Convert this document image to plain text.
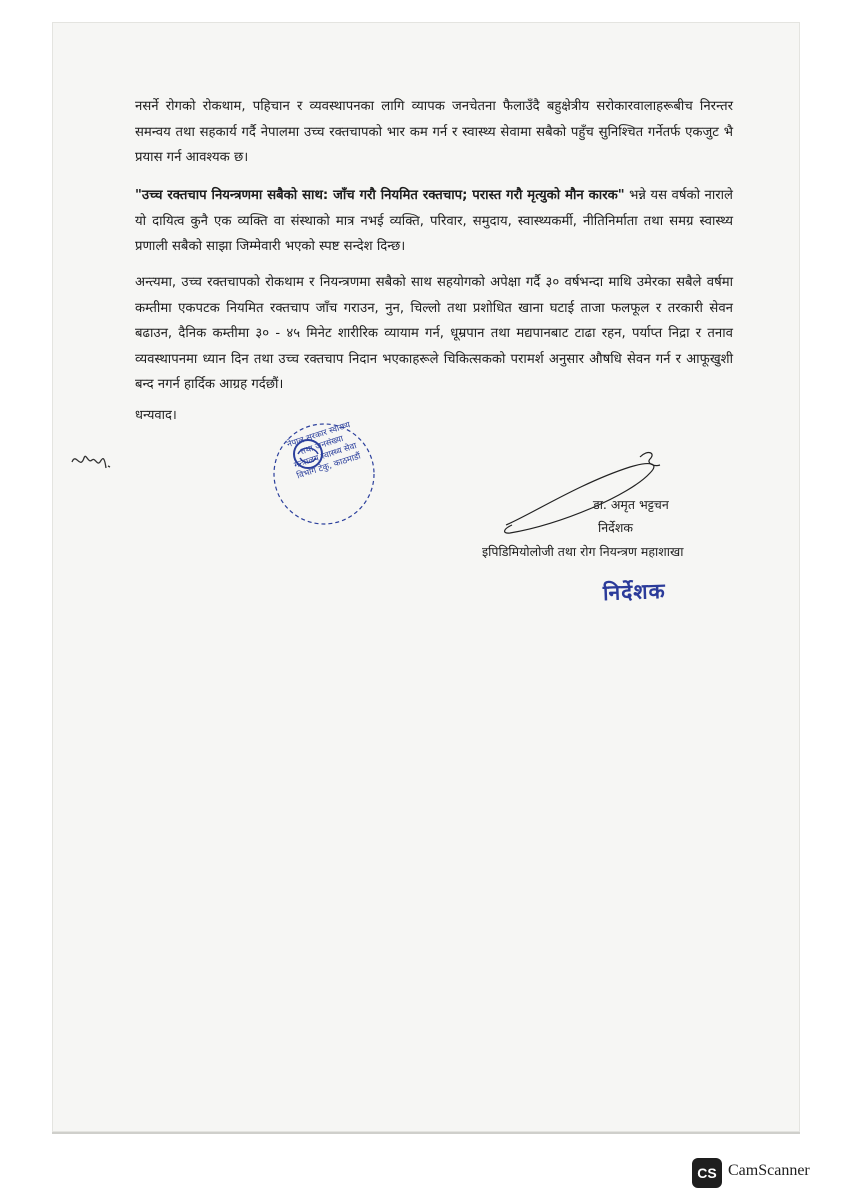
नसर्ने रोगको रोकथाम, पहिचान र व्यवस्थापनका लागि व्यापक जनचेतना फैलाउँदै बहुक्षेत्रीय सरोकारवालाहरूबीच निरन्तर समन्वय तथा सहकार्य गर्दै नेपालमा उच्च रक्तचापको भार कम गर्न र स्वास्थ्य सेवामा सबैको पहुँच सुनिश्चित गर्नेतर्फ एकजुट भै प्रयास गर्न आवश्यक छ।

"उच्च रक्तचाप नियन्त्रणमा सबैको साथ: जाँच गरौ नियमित रक्तचाप; परास्त गरौ मृत्युको मौन कारक" भन्ने यस वर्षको नाराले यो दायित्व कुनै एक व्यक्ति वा संस्थाको मात्र नभई व्यक्ति, परिवार, समुदाय, स्वास्थ्यकर्मी, नीतिनिर्माता तथा समग्र स्वास्थ्य प्रणाली सबैको साझा जिम्मेवारी भएको स्पष्ट सन्देश दिन्छ।

अन्त्यमा, उच्च रक्तचापको रोकथाम र नियन्त्रणमा सबैको साथ सहयोगको अपेक्षा गर्दै ३० वर्षभन्दा माथि उमेरका सबैले वर्षमा कम्तीमा एकपटक नियमित रक्तचाप जाँच गराउन, नुन, चिल्लो तथा प्रशोधित खाना घटाई ताजा फलफूल र तरकारी सेवन बढाउन, दैनिक कम्तीमा ३० - ४५ मिनेट शारीरिक व्यायाम गर्न, धूम्रपान तथा मद्यपानबाट टाढा रहन, पर्याप्त निद्रा र तनाव व्यवस्थापनमा ध्यान दिन तथा उच्च रक्तचाप निदान भएकाहरूले चिकित्सकको परामर्श अनुसार औषधि सेवन गर्न र आफूखुशी बन्द नगर्न हार्दिक आग्रह गर्दछौं।

धन्यवाद।
नेपाल सरकार स्वास्थ्य तथा जनसंख्या मन्त्रालय स्वास्थ्य सेवा विभाग टेकु, काठमाडौं
डा. अमृत भट्टचन
निर्देशक
इपिडिमियोलोजी तथा रोग नियन्त्रण महाशाखा
निर्देशक
CS CamScanner
